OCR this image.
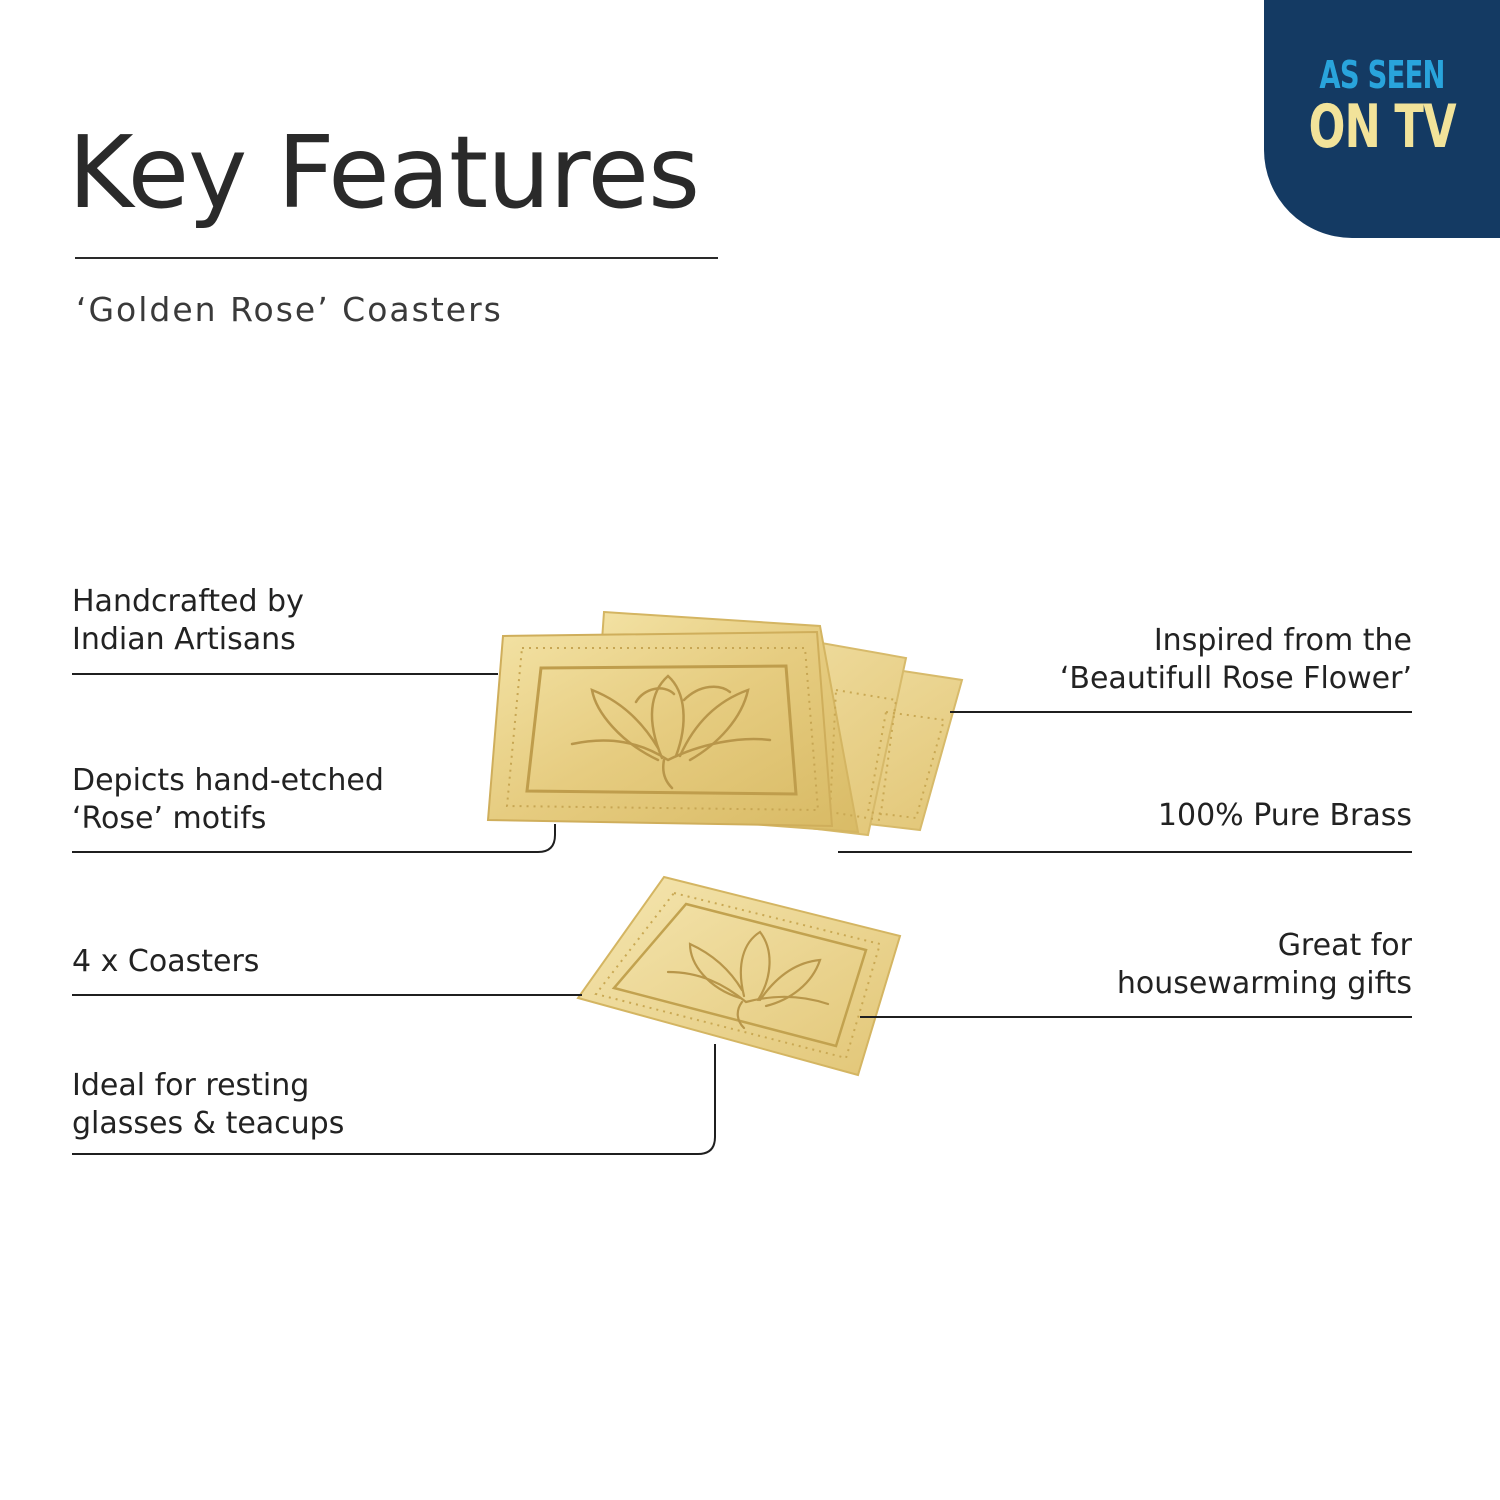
Key Features
‘Golden Rose’ Coasters
AS SEEN
ON TV
Handcrafted by
Indian Artisans
Depicts hand-etched
‘Rose’ motifs
4 x Coasters
Ideal for resting
glasses & teacups
Inspired from the
‘Beautifull Rose Flower’
100% Pure Brass
Great for
housewarming gifts
